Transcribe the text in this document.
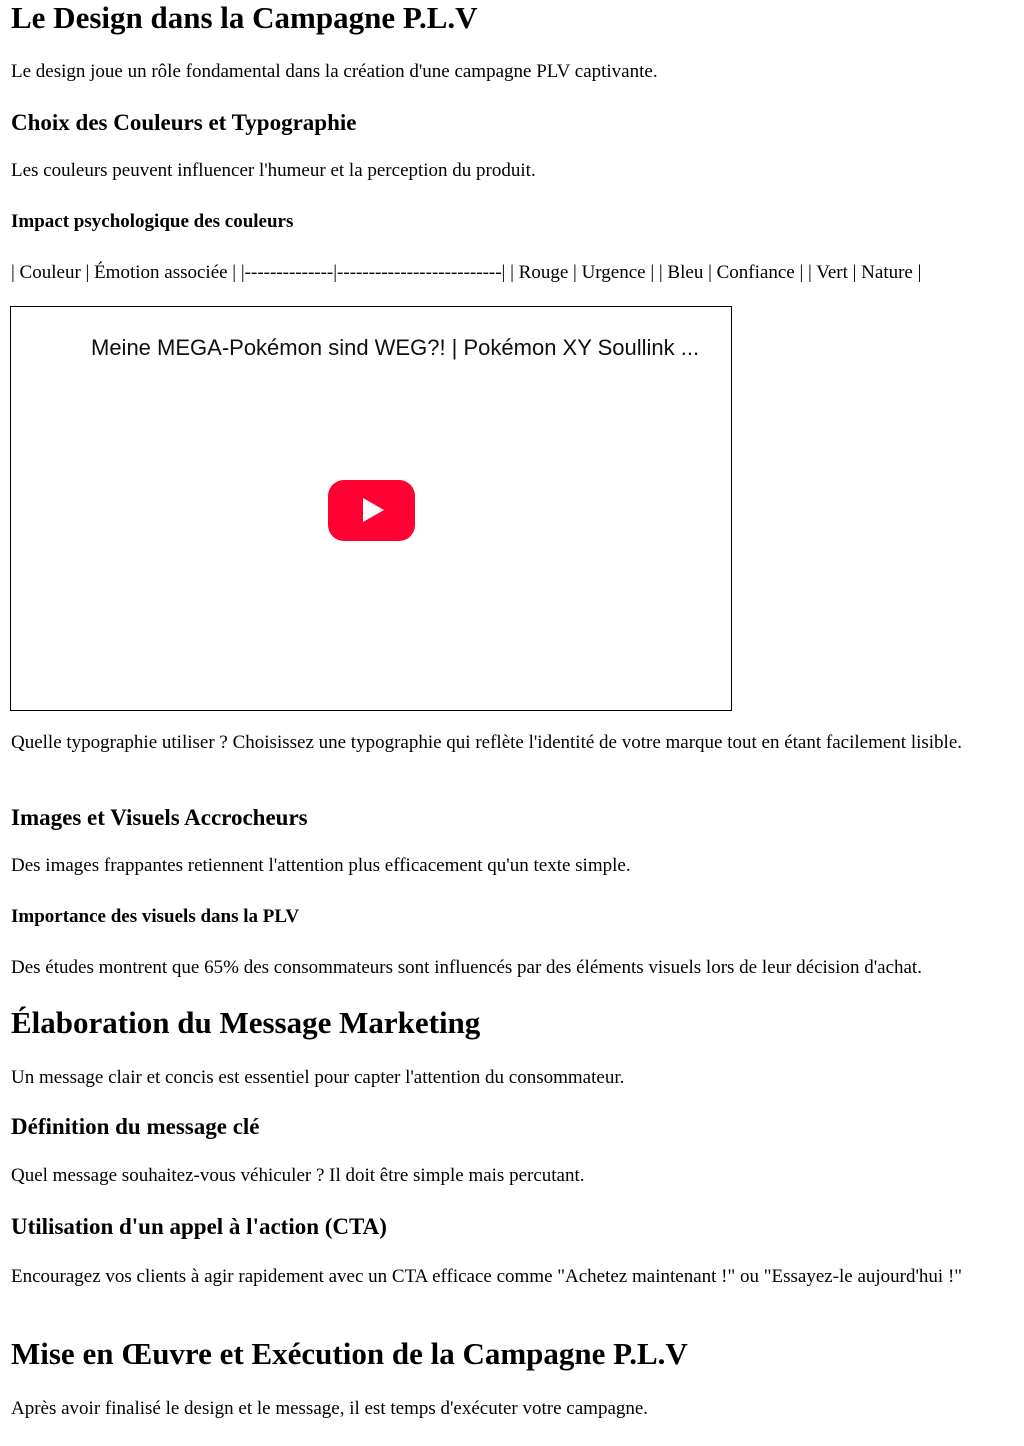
Le Design dans la Campagne P.L.V

Le design joue un rôle fondamental dans la création d'une campagne PLV captivante.

Choix des Couleurs et Typographie

Les couleurs peuvent influencer l'humeur et la perception du produit.

Impact psychologique des couleurs

| Couleur | Émotion associée | |--------------|--------------------------| | Rouge | Urgence | | Bleu | Confiance | | Vert | Nature |

Meine MEGA-Pokémon sind WEG?! | Pokémon XY Soullink ...

Quelle typographie utiliser ? Choisissez une typographie qui reflète l'identité de votre marque tout en étant facilement lisible.

Images et Visuels Accrocheurs

Des images frappantes retiennent l'attention plus efficacement qu'un texte simple.

Importance des visuels dans la PLV

Des études montrent que 65% des consommateurs sont influencés par des éléments visuels lors de leur décision d'achat.

Élaboration du Message Marketing

Un message clair et concis est essentiel pour capter l'attention du consommateur.

Définition du message clé

Quel message souhaitez-vous véhiculer ? Il doit être simple mais percutant.

Utilisation d'un appel à l'action (CTA)

Encouragez vos clients à agir rapidement avec un CTA efficace comme "Achetez maintenant !" ou "Essayez-le aujourd'hui !"

Mise en Œuvre et Exécution de la Campagne P.L.V

Après avoir finalisé le design et le message, il est temps d'exécuter votre campagne.
